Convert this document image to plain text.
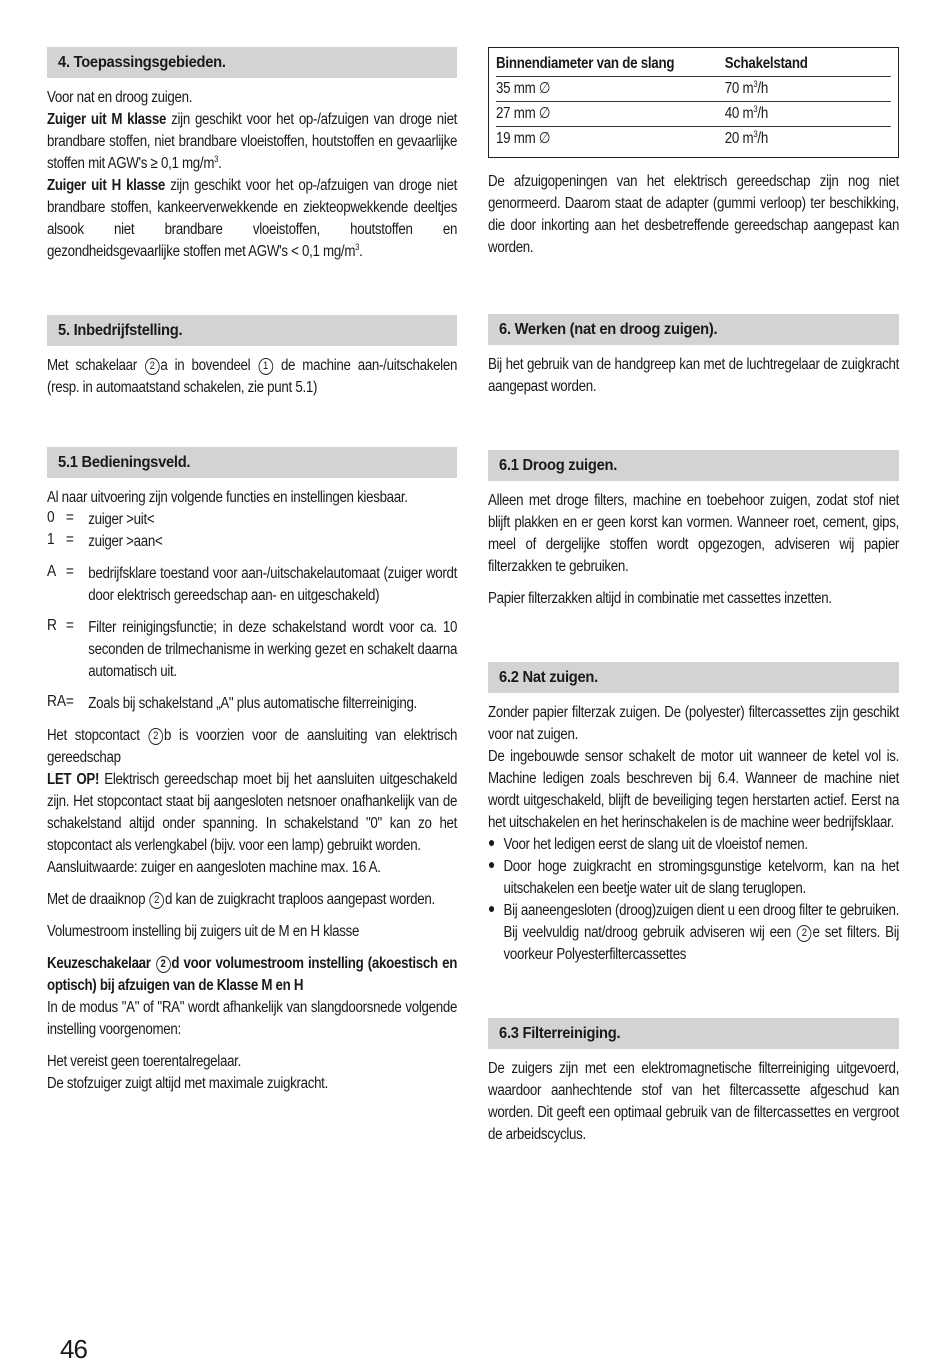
4. Toepassingsgebieden.

Voor nat en droog zuigen.

Zuiger uit M klasse zijn geschikt voor het op-/afzuigen van droge niet brandbare stoffen, niet brandbare vloeistoffen, houtstoffen en gevaarlijke stoffen mit AGW's ≥ 0,1 $mg/m^3$.

Zuiger uit H klasse zijn geschikt voor het op-/afzuigen van droge niet brandbare stoffen, kankeerverwekkende en ziekteopwekkende deeltjes alsook niet brandbare vloeistoffen, houtstoffen en gezondheidsgevaarlijke stoffen met AGW's < 0,1 $mg/m^3$.

5. Inbedrijfstelling.

Met schakelaar 2 a in bovendeel 1 de machine aan-/uitschakelen (resp. in automaatstand schakelen, zie punt 5.1)

5.1 Bedieningsveld.

Al naar uitvoering zijn volgende functies en instellingen kiesbaar.

0 = zuiger >uit<
1 = zuiger >aan<
A = bedrijfsklare toestand voor aan-/uitschakelautomaat (zuiger wordt door elektrisch gereedschap aan- en uitgeschakeld)
R = Filter reinigingsfunctie; in deze schakelstand wordt voor ca. 10 seconden de trilmechanisme in werking gezet en schakelt daarna automatisch uit.
RA = Zoals bij schakelstand „A" plus automatische filterreiniging.

Het stopcontact 2 b is voorzien voor de aansluiting van elektrisch gereedschap

LET OP! Elektrisch gereedschap moet bij het aansluiten uitgeschakeld zijn. Het stopcontact staat bij aangesloten netsnoer onafhankelijk van de schakelstand altijd onder spanning. In schakelstand "0" kan zo het stopcontact als verlengkabel (bijv. voor een lamp) gebruikt worden.

Aansluitwaarde: zuiger en aangesloten machine max. 16 A.

Met de draaiknop 2 d kan de zuigkracht traploos aangepast worden.

Volumestroom instelling bij zuigers uit de M en H klasse

Keuzeschakelaar 2 d voor volumestroom instelling (akoestisch en optisch) bij afzuigen van de Klasse M en H

In de modus "A" of "RA" wordt afhankelijk van slangdoorsnede volgende instelling voorgenomen:

Het vereist geen toerentalregelaar.

De stofzuiger zuigt altijd met maximale zuigkracht.

Binnendiameter van de slang	Schakelstand
35 mm ∅	70 $m^3/h$
27 mm ∅	40 $m^3/h$
19 mm ∅	20 $m^3/h$

De afzuigopeningen van het elektrisch gereedschap zijn nog niet genormeerd. Daarom staat de adapter (gummi verloop) ter beschikking, die door inkorting aan het desbetreffende gereedschap aangepast kan worden.

6. Werken (nat en droog zuigen).

Bij het gebruik van de handgreep kan met de luchtregelaar de zuigkracht aangepast worden.

6.1 Droog zuigen.

Alleen met droge filters, machine en toebehoor zuigen, zodat stof niet blijft plakken en er geen korst kan vormen. Wanneer roet, cement, gips, meel of dergelijke stoffen wordt opgezogen, adviseren wij papier filterzakken te gebruiken.

Papier filterzakken altijd in combinatie met cassettes inzetten.

6.2 Nat zuigen.

Zonder papier filterzak zuigen. De (polyester) filtercassettes zijn geschikt voor nat zuigen.

De ingebouwde sensor schakelt de motor uit wanneer de ketel vol is. Machine ledigen zoals beschreven bij 6.4. Wanneer de machine niet wordt uitgeschakeld, blijft de beveiliging tegen herstarten actief. Eerst na het uitschakelen en het herinschakelen is de machine weer bedrijfsklaar.

● Voor het ledigen eerst de slang uit de vloeistof nemen.
● Door hoge zuigkracht en stromingsgunstige ketelvorm, kan na het uitschakelen een beetje water uit de slang teruglopen.
● Bij aaneengesloten (droog)zuigen dient u een droog filter te gebruiken. Bij veelvuldig nat/droog gebruik adviseren wij een 2 e set filters. Bij voorkeur Polyesterfiltercassettes
6.3 Filterreiniging.

De zuigers zijn met een elektromagnetische filterreiniging uitgevoerd, waardoor aanhechtende stof van het filtercassette afgeschud kan worden. Dit geeft een optimaal gebruik van de filtercassettes en vergroot de arbeidscyclus.

46
